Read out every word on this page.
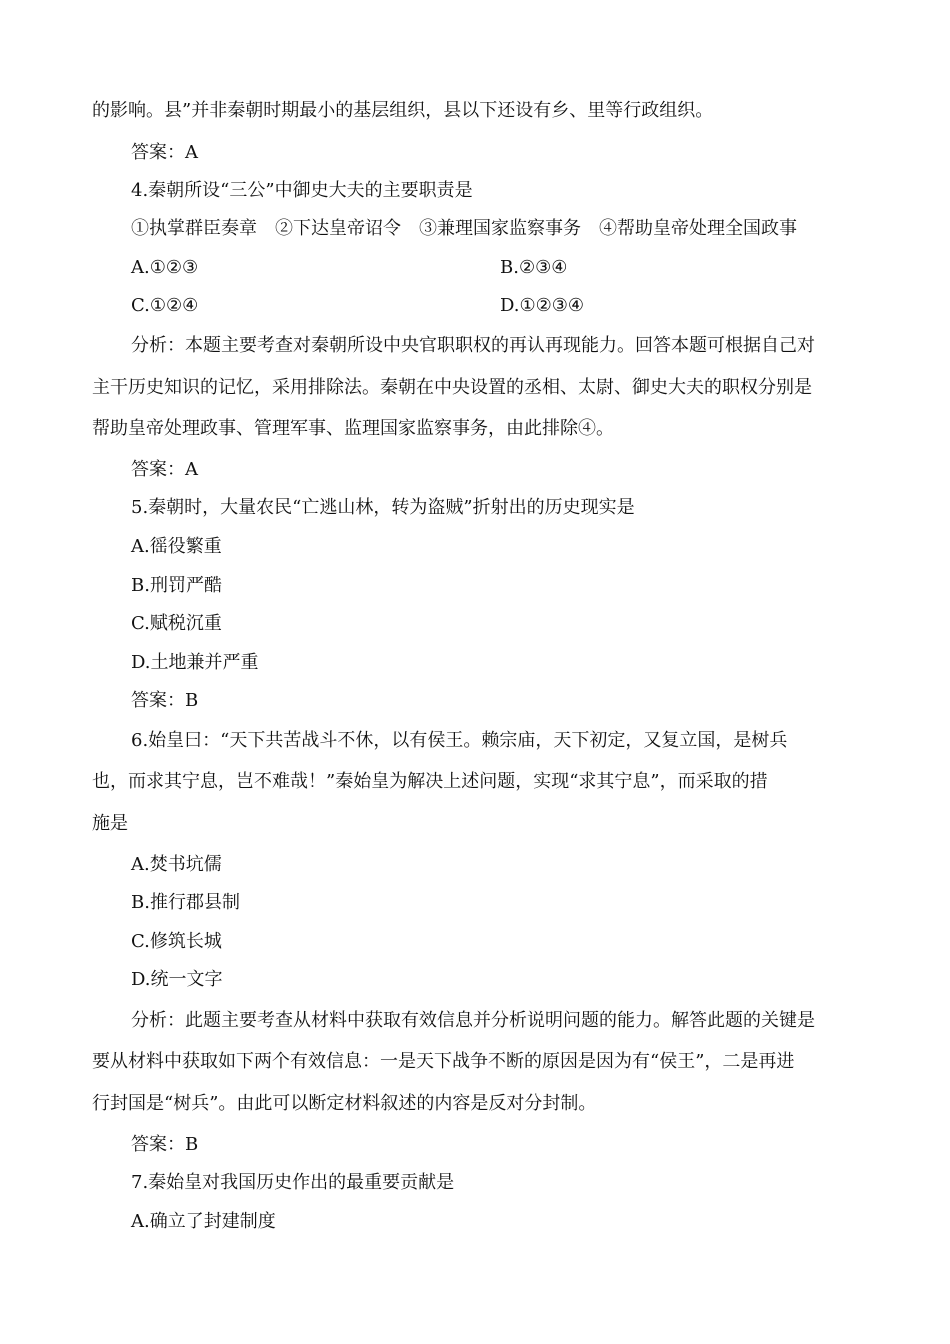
的影响。县”并非秦朝时期最小的基层组织，县以下还设有乡、里等行政组织。
答案：A
4.秦朝所设“三公”中御史大夫的主要职责是
①执掌群臣奏章　②下达皇帝诏令　③兼理国家监察事务　④帮助皇帝处理全国政事
A.①②③	B.②③④
C.①②④	D.①②③④
分析：本题主要考查对秦朝所设中央官职职权的再认再现能力。回答本题可根据自己对
主干历史知识的记忆，采用排除法。秦朝在中央设置的丞相、太尉、御史大夫的职权分别是
帮助皇帝处理政事、管理军事、监理国家监察事务，由此排除④。
答案：A
5.秦朝时，大量农民“亡逃山林，转为盗贼”折射出的历史现实是
A.徭役繁重
B.刑罚严酷
C.赋税沉重
D.土地兼并严重
答案：B
6.始皇曰：“天下共苦战斗不休，以有侯王。赖宗庙，天下初定，又复立国，是树兵
也，而求其宁息，岂不难哉！”秦始皇为解决上述问题，实现“求其宁息”，而采取的措
施是
A.焚书坑儒
B.推行郡县制
C.修筑长城
D.统一文字
分析：此题主要考查从材料中获取有效信息并分析说明问题的能力。解答此题的关键是
要从材料中获取如下两个有效信息：一是天下战争不断的原因是因为有“侯王”，二是再进
行封国是“树兵”。由此可以断定材料叙述的内容是反对分封制。
答案：B
7.秦始皇对我国历史作出的最重要贡献是
A.确立了封建制度
